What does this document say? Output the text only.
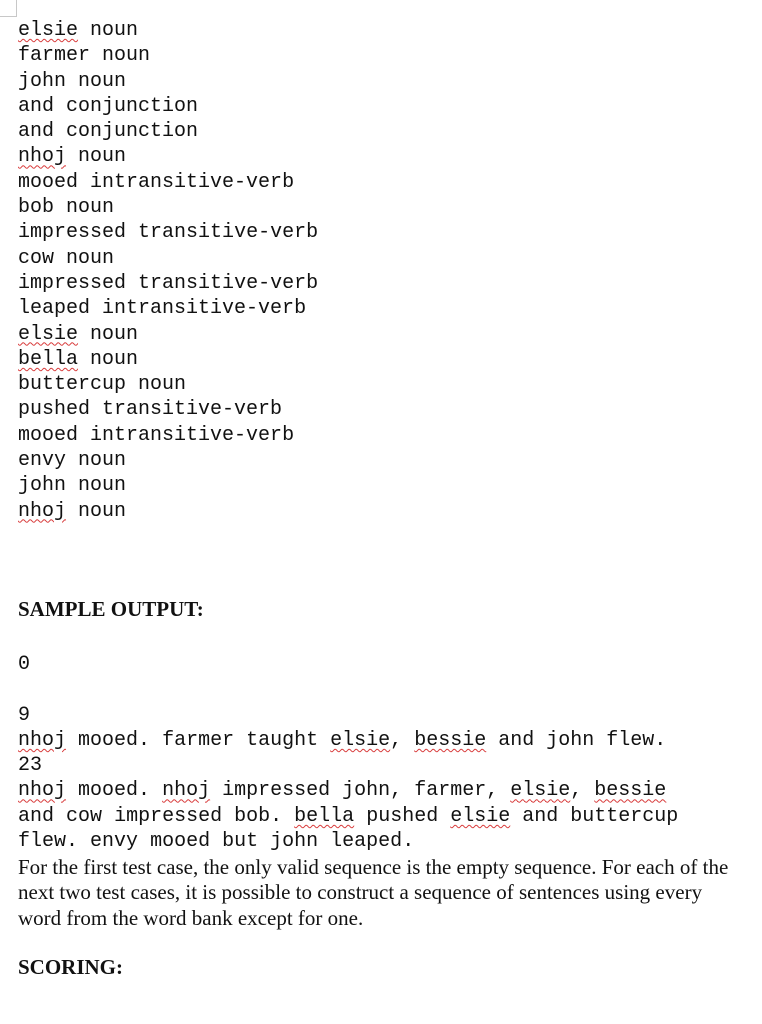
elsie noun
farmer noun
john noun
and conjunction
and conjunction
nhoj noun
mooed intransitive-verb
bob noun
impressed transitive-verb
cow noun
impressed transitive-verb
leaped intransitive-verb
elsie noun
bella noun
buttercup noun
pushed transitive-verb
mooed intransitive-verb
envy noun
john noun
nhoj noun
SAMPLE OUTPUT:
0

9
nhoj mooed. farmer taught elsie, bessie and john flew.
23
nhoj mooed. nhoj impressed john, farmer, elsie, bessie
and cow impressed bob. bella pushed elsie and buttercup
flew. envy mooed but john leaped.

For the first test case, the only valid sequence is the empty sequence. For each of the next two test cases, it is possible to construct a sequence of sentences using every word from the word bank except for one.

SCORING:
